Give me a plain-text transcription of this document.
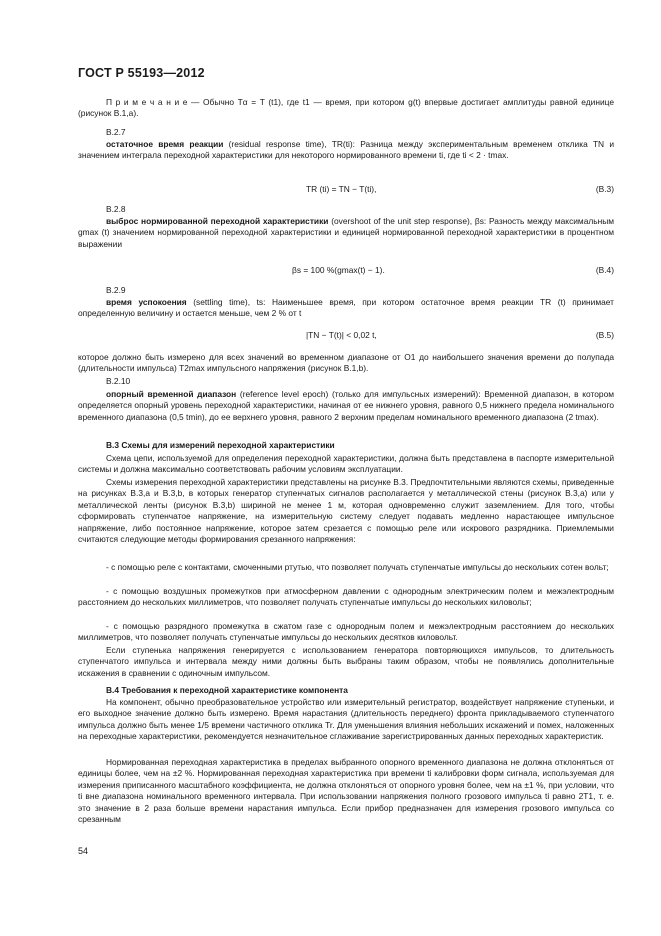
ГОСТ Р 55193—2012
П р и м е ч а н и е — Обычно Tα = T (t1), где t1 — время, при котором g(t) впервые достигает амплитуды равной единице (рисунок В.1,а).
В.2.7
остаточное время реакции (residual response time), TR(ti): Разница между экспериментальным временем отклика TN и значением интеграла переходной характеристики для некоторого нормированного времени ti, где ti < 2 · tmax.
TR (ti) = TN − T(ti),	(В.3)
В.2.8
выброс нормированной переходной характеристики (overshoot of the unit step response), βs: Разность между максимальным gmax (t) значением нормированной переходной характеристики и единицей нормированной переходной характеристики в процентном выражении
βs = 100 %(gmax(t) − 1).	(В.4)
В.2.9
время успокоения (settling time), ts: Наименьшее время, при котором остаточное время реакции TR (t) принимает определенную величину и остается меньше, чем 2 % от t
|TN − T(t)| < 0,02 t,	(В.5)
которое должно быть измерено для всех значений во временном диапазоне от O1 до наибольшего значения времени до полупада (длительности импульса) T2max импульсного напряжения (рисунок В.1,b).
В.2.10
опорный временной диапазон (reference level epoch) (только для импульсных измерений): Временной диапазон, в котором определяется опорный уровень переходной характеристики, начиная от ее нижнего уровня, равного 0,5 нижнего предела номинального временного диапазона (0,5 tmin), до ее верхнего уровня, равного 2 верхним пределам номинального временного диапазона (2 tmax).
В.3 Схемы для измерений переходной характеристики
Схема цепи, используемой для определения переходной характеристики, должна быть представлена в паспорте измерительной системы и должна максимально соответствовать рабочим условиям эксплуатации.
Схемы измерения переходной характеристики представлены на рисунке В.3. Предпочтительными являются схемы, приведенные на рисунках В.3,а и В.3,b, в которых генератор ступенчатых сигналов располагается у металлической стены (рисунок В.3,а) или у металлической ленты (рисунок В.3,b) шириной не менее 1 м, которая одновременно служит заземлением. Для того, чтобы сформировать ступенчатое напряжение, на измерительную систему следует подавать медленно нарастающее импульсное напряжение, либо постоянное напряжение, которое затем срезается с помощью реле или искрового разрядника. Приемлемыми считаются следующие методы формирования срезанного напряжения:
- с помощью реле с контактами, смоченными ртутью, что позволяет получать ступенчатые импульсы до нескольких сотен вольт;
- с помощью воздушных промежутков при атмосферном давлении с однородным электрическим полем и межэлектродным расстоянием до нескольких миллиметров, что позволяет получать ступенчатые импульсы до нескольких киловольт;
- с помощью разрядного промежутка в сжатом газе с однородным полем и межэлектродным расстоянием до нескольких миллиметров, что позволяет получать ступенчатые импульсы до нескольких десятков киловольт.
Если ступенька напряжения генерируется с использованием генератора повторяющихся импульсов, то длительность ступенчатого импульса и интервала между ними должны быть выбраны таким образом, чтобы не появлялись дополнительные искажения в сравнении с одиночным импульсом.
В.4 Требования к переходной характеристике компонента
На компонент, обычно преобразовательное устройство или измерительный регистратор, воздействует напряжение ступеньки, и его выходное значение должно быть измерено. Время нарастания (длительность переднего) фронта прикладываемого ступенчатого импульса должно быть менее 1/5 времени частичного отклика Tr. Для уменьшения влияния небольших искажений и помех, наложенных на переходные характеристики, рекомендуется незначительное сглаживание зарегистрированных данных переходных характеристик.
Нормированная переходная характеристика в пределах выбранного опорного временного диапазона не должна отклоняться от единицы более, чем на ±2 %. Нормированная переходная характеристика при времени ti калибровки форм сигнала, используемая для измерения приписанного масштабного коэффициента, не должна отклоняться от опорного уровня более, чем на ±1 %, при условии, что ti вне диапазона номинального временного интервала. При использовании напряжения полного грозового импульса ti равно 2T1, т. е. это значение в 2 раза больше времени нарастания импульса. Если прибор предназначен для измерения грозового импульса со срезанным
54
